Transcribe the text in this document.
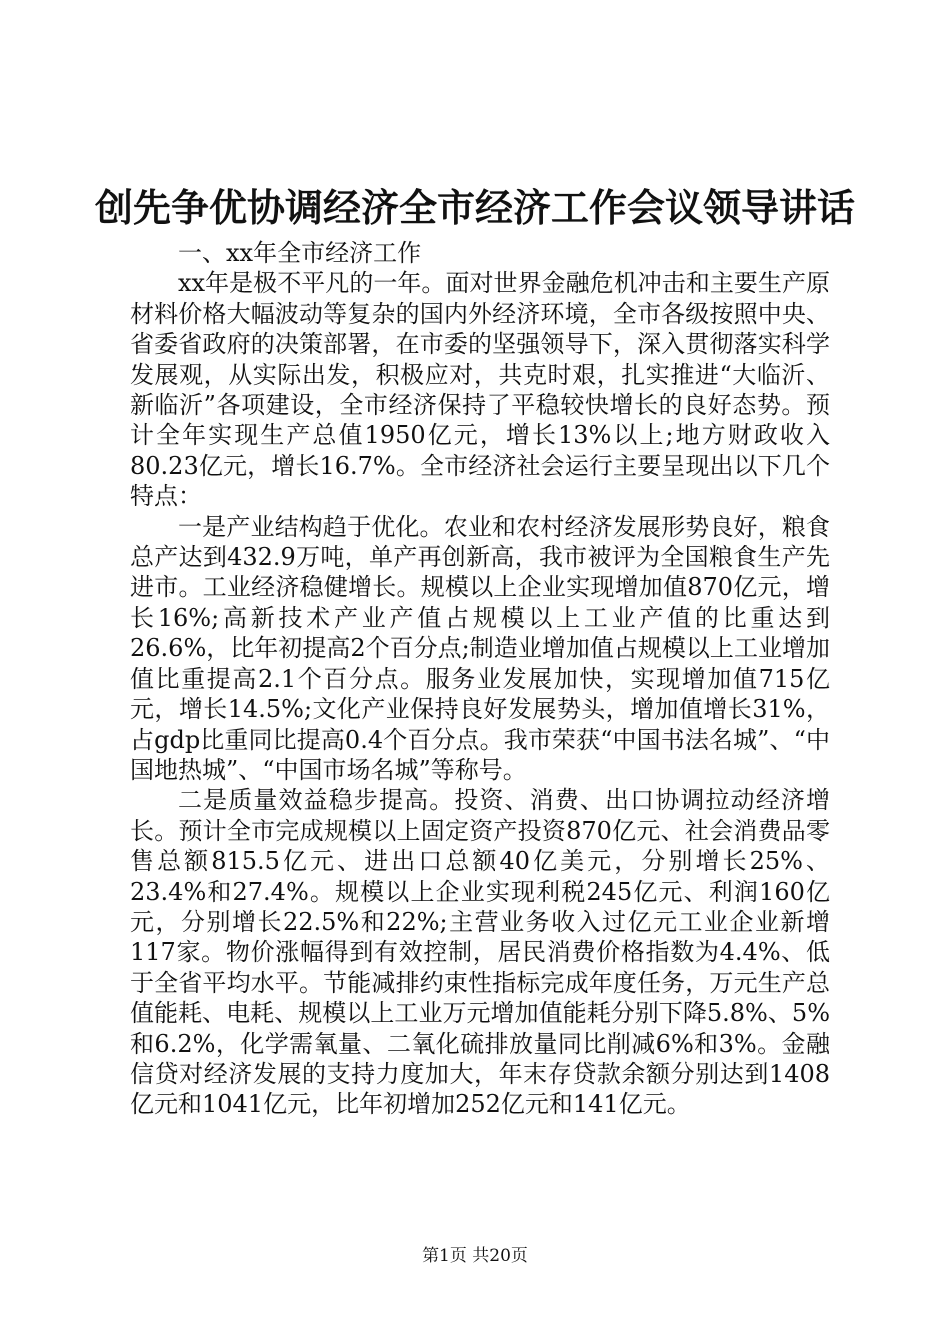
创先争优协调经济全市经济工作会议领导讲话

一、xx年全市经济工作

xx年是极不平凡的一年。面对世界金融危机冲击和主要生产原材料价格大幅波动等复杂的国内外经济环境，全市各级按照中央、省委省政府的决策部署，在市委的坚强领导下，深入贯彻落实科学发展观，从实际出发，积极应对，共克时艰，扎实推进“大临沂、新临沂”各项建设，全市经济保持了平稳较快增长的良好态势。预计全年实现生产总值1950亿元，增长13%以上;地方财政收入80.23亿元，增长16.7%。全市经济社会运行主要呈现出以下几个特点：

一是产业结构趋于优化。农业和农村经济发展形势良好，粮食总产达到432.9万吨，单产再创新高，我市被评为全国粮食生产先进市。工业经济稳健增长。规模以上企业实现增加值870亿元，增长16%;高新技术产业产值占规模以上工业产值的比重达到26.6%，比年初提高2个百分点;制造业增加值占规模以上工业增加值比重提高2.1个百分点。服务业发展加快，实现增加值715亿元，增长14.5%;文化产业保持良好发展势头，增加值增长31%，占gdp比重同比提高0.4个百分点。我市荣获“中国书法名城”、“中国地热城”、“中国市场名城”等称号。

二是质量效益稳步提高。投资、消费、出口协调拉动经济增长。预计全市完成规模以上固定资产投资870亿元、社会消费品零售总额815.5亿元、进出口总额40亿美元，分别增长25%、23.4%和27.4%。规模以上企业实现利税245亿元、利润160亿元，分别增长22.5%和22%;主营业务收入过亿元工业企业新增117家。物价涨幅得到有效控制，居民消费价格指数为4.4%、低于全省平均水平。节能减排约束性指标完成年度任务，万元生产总值能耗、电耗、规模以上工业万元增加值能耗分别下降5.8%、5%和6.2%，化学需氧量、二氧化硫排放量同比削减6%和3%。金融信贷对经济发展的支持力度加大，年末存贷款余额分别达到1408亿元和1041亿元，比年初增加252亿元和141亿元。

第1页 共20页
